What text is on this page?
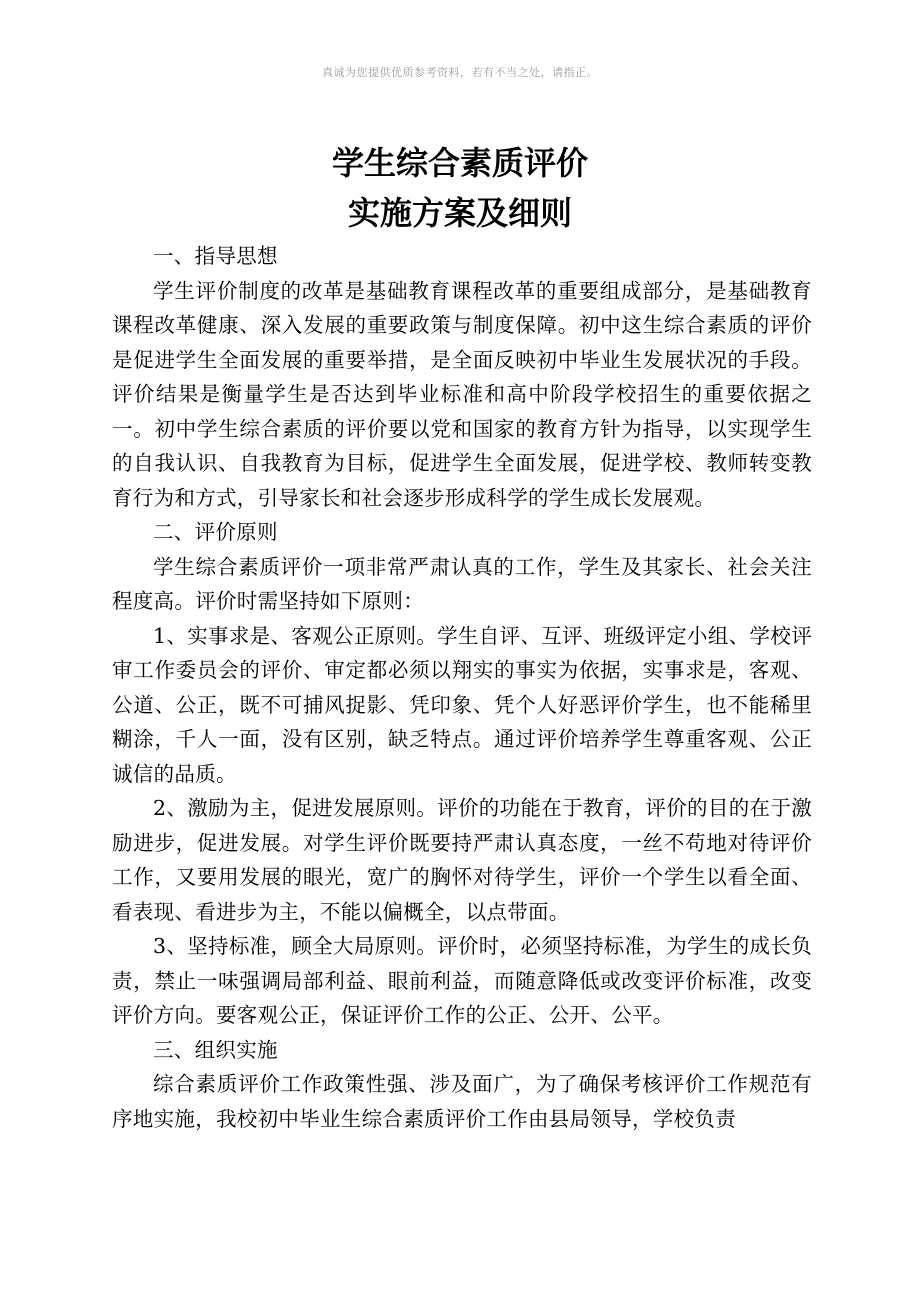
真诚为您提供优质参考资料，若有不当之处，请指正。
学生综合素质评价
实施方案及细则

一、指导思想

学生评价制度的改革是基础教育课程改革的重要组成部分，是基础教育课程改革健康、深入发展的重要政策与制度保障。初中这生综合素质的评价是促进学生全面发展的重要举措，是全面反映初中毕业生发展状况的手段。评价结果是衡量学生是否达到毕业标准和高中阶段学校招生的重要依据之一。初中学生综合素质的评价要以党和国家的教育方针为指导，以实现学生的自我认识、自我教育为目标，促进学生全面发展，促进学校、教师转变教育行为和方式，引导家长和社会逐步形成科学的学生成长发展观。

二、评价原则

学生综合素质评价一项非常严肃认真的工作，学生及其家长、社会关注程度高。评价时需坚持如下原则：

1、实事求是、客观公正原则。学生自评、互评、班级评定小组、学校评审工作委员会的评价、审定都必须以翔实的事实为依据，实事求是，客观、公道、公正，既不可捕风捉影、凭印象、凭个人好恶评价学生，也不能稀里糊涂，千人一面，没有区别，缺乏特点。通过评价培养学生尊重客观、公正诚信的品质。

2、激励为主，促进发展原则。评价的功能在于教育，评价的目的在于激励进步，促进发展。对学生评价既要持严肃认真态度，一丝不苟地对待评价工作，又要用发展的眼光，宽广的胸怀对待学生，评价一个学生以看全面、看表现、看进步为主，不能以偏概全，以点带面。

3、坚持标准，顾全大局原则。评价时，必须坚持标准，为学生的成长负责，禁止一味强调局部利益、眼前利益，而随意降低或改变评价标准，改变评价方向。要客观公正，保证评价工作的公正、公开、公平。

三、组织实施

综合素质评价工作政策性强、涉及面广，为了确保考核评价工作规范有序地实施，我校初中毕业生综合素质评价工作由县局领导，学校负责
